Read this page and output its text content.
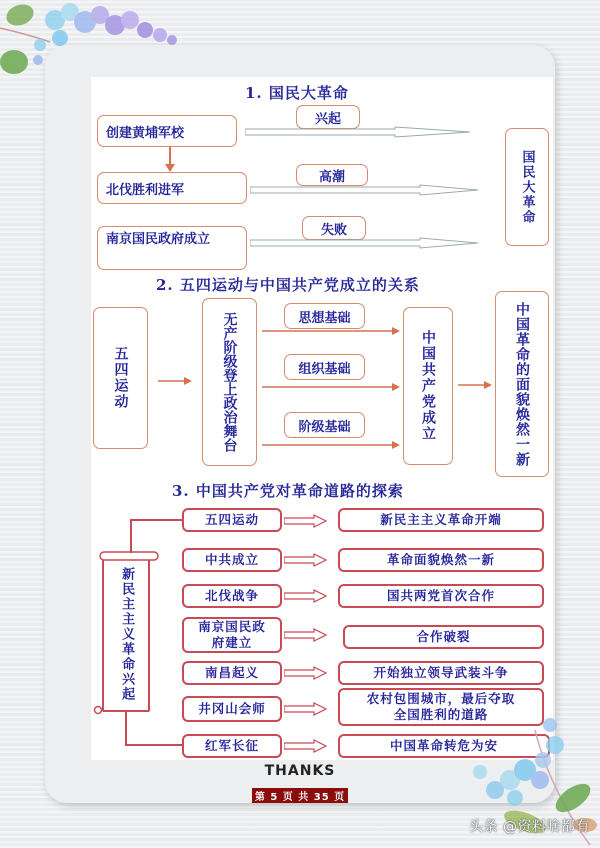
1. 国民大革命
创建黄埔军校
北伐胜利进军
南京国民政府成立
兴起
高潮
失败
国民大革命
2. 五四运动与中国共产党成立的关系
五四运动	无产阶级登上政治舞台	思想基础
组织基础
阶级基础	中国共产党成立	中国革命的面貌焕然一新
3. 中国共产党对革命道路的探索
新民主主义革命兴起
五四运动
中共成立
北伐战争
南京国民政府建立
南昌起义
井冈山会师
红军长征
新民主主义革命开端
革命面貌焕然一新
国共两党首次合作
合作破裂
开始独立领导武装斗争
农村包围城市，最后夺取全国胜利的道路
中国革命转危为安
THANKS
第 5 页 共 35 页
头条 @资料啥都有
